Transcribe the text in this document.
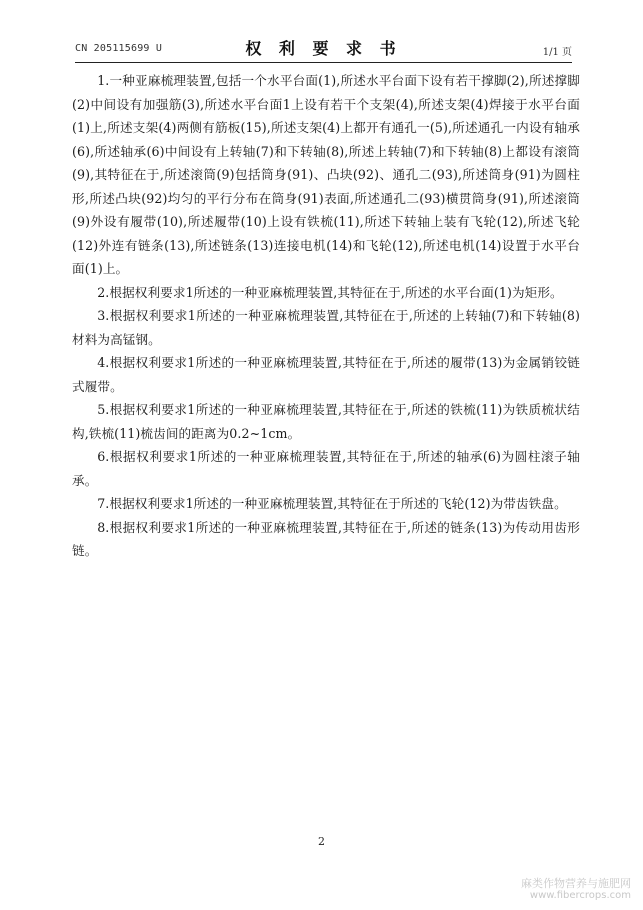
CN 205115699 U	权 利 要 求 书	1/1 页

1.一种亚麻梳理装置,包括一个水平台面(1),所述水平台面下设有若干撑脚(2),所述撑脚(2)中间设有加强筋(3),所述水平台面1上设有若干个支架(4),所述支架(4)焊接于水平台面(1)上,所述支架(4)两侧有筋板(15),所述支架(4)上都开有通孔一(5),所述通孔一内设有轴承(6),所述轴承(6)中间设有上转轴(7)和下转轴(8),所述上转轴(7)和下转轴(8)上都设有滚筒(9),其特征在于,所述滚筒(9)包括筒身(91)、凸块(92)、通孔二(93),所述筒身(91)为圆柱形,所述凸块(92)均匀的平行分布在筒身(91)表面,所述通孔二(93)横贯筒身(91),所述滚筒(9)外设有履带(10),所述履带(10)上设有铁梳(11),所述下转轴上装有飞轮(12),所述飞轮(12)外连有链条(13),所述链条(13)连接电机(14)和飞轮(12),所述电机(14)设置于水平台面(1)上。

2.根据权利要求1所述的一种亚麻梳理装置,其特征在于,所述的水平台面(1)为矩形。

3.根据权利要求1所述的一种亚麻梳理装置,其特征在于,所述的上转轴(7)和下转轴(8)材料为高锰钢。

4.根据权利要求1所述的一种亚麻梳理装置,其特征在于,所述的履带(13)为金属销铰链式履带。

5.根据权利要求1所述的一种亚麻梳理装置,其特征在于,所述的铁梳(11)为铁质梳状结构,铁梳(11)梳齿间的距离为0.2~1cm。

6.根据权利要求1所述的一种亚麻梳理装置,其特征在于,所述的轴承(6)为圆柱滚子轴承。

7.根据权利要求1所述的一种亚麻梳理装置,其特征在于所述的飞轮(12)为带齿铁盘。

8.根据权利要求1所述的一种亚麻梳理装置,其特征在于,所述的链条(13)为传动用齿形链。

2
麻类作物营养与施肥网
www.fibercrops.com
